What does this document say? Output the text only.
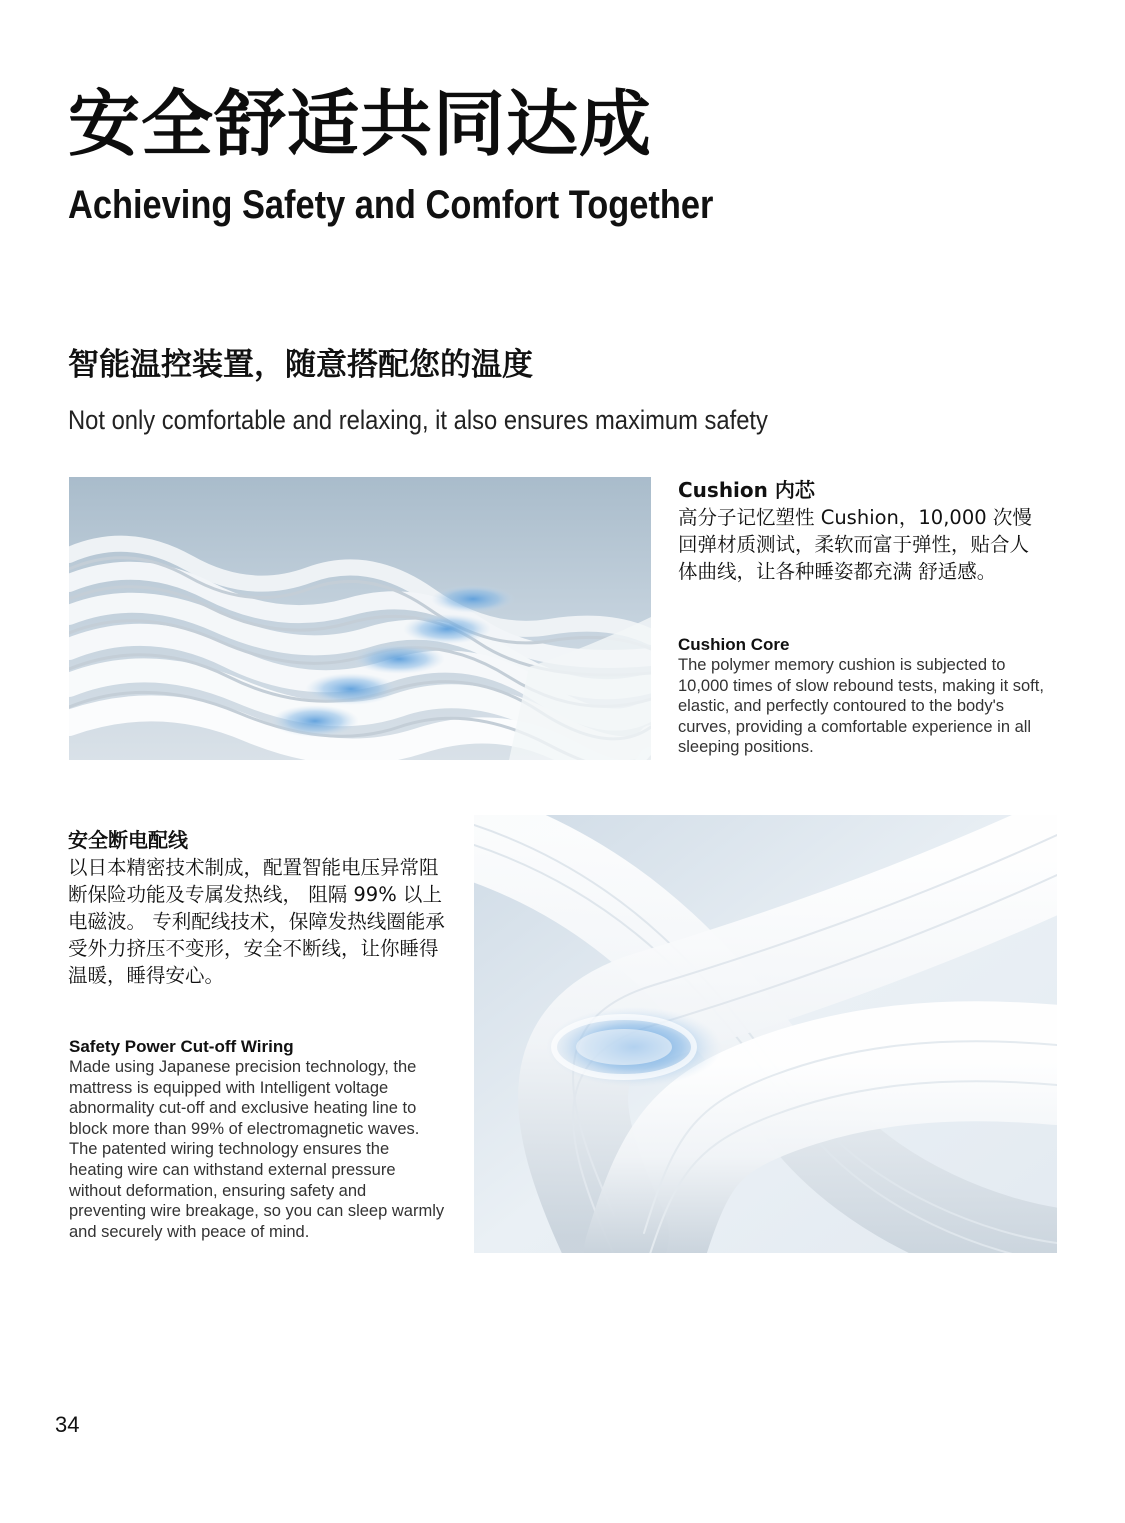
安全舒适共同达成
Achieving Safety and Comfort Together
智能温控装置，随意搭配您的温度

Not only comfortable and relaxing, it also ensures maximum safety

Cushion 内芯

高分子记忆塑性 Cushion，10,000 次慢回弹材质测试，柔软而富于弹性，贴合人体曲线，让各种睡姿都充满 舒适感。

Cushion Core

The polymer memory cushion is subjected to 10,000 times of slow rebound tests, making it soft, elastic, and perfectly contoured to the body's curves, providing a comfortable experience in all sleeping positions.

安全断电配线

以日本精密技术制成，配置智能电压异常阻断保险功能及专属发热线， 阻隔 99% 以上电磁波。 专利配线技术，保障发热线圈能承受外力挤压不变形，安全不断线，让你睡得温暖，睡得安心。

Safety Power Cut-off Wiring

Made using Japanese precision technology, the mattress is equipped with Intelligent voltage abnormality cut-off and exclusive heating line to block more than 99% of electromagnetic waves. The patented wiring technology ensures the heating wire can withstand external pressure without deformation, ensuring safety and preventing wire breakage, so you can sleep warmly and securely with peace of mind.

34
